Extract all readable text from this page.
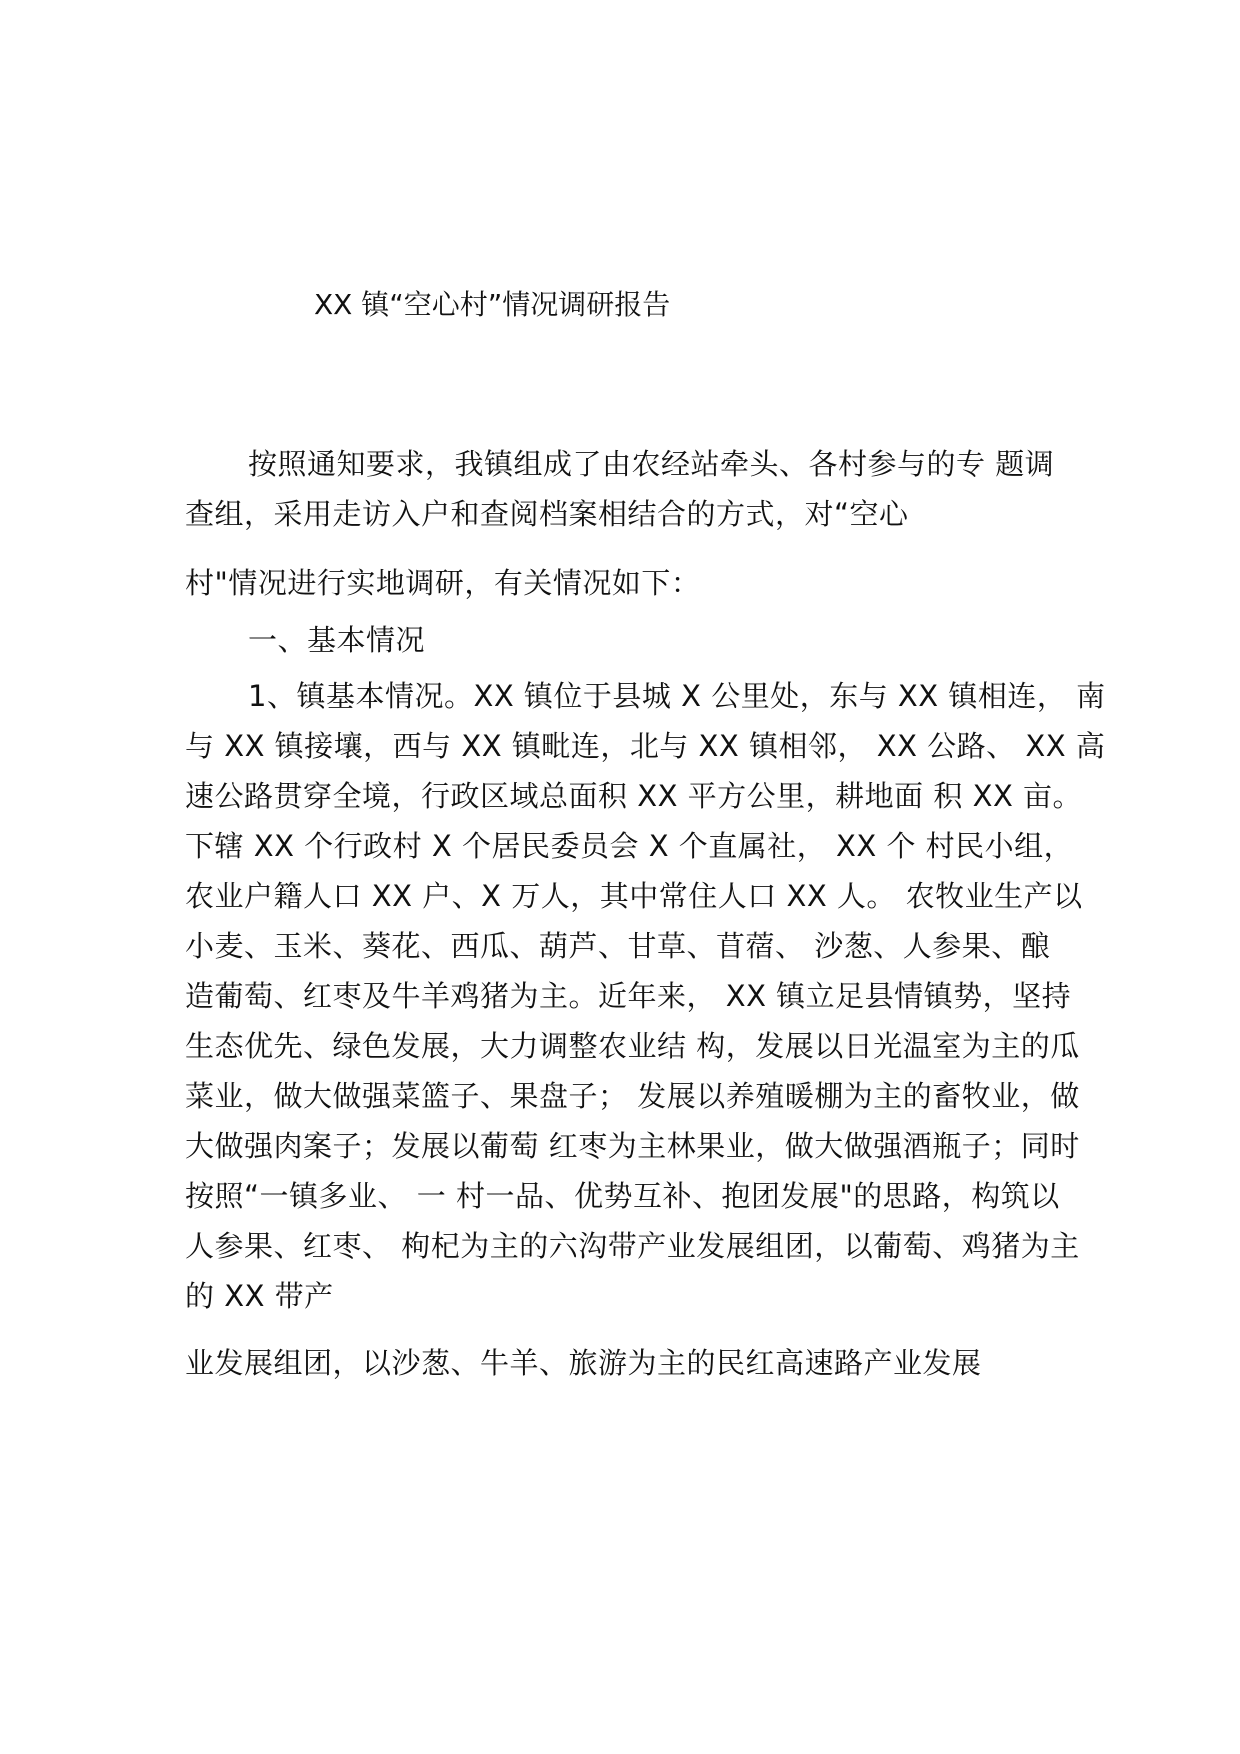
XX 镇“空心村”情况调研报告
按照通知要求，我镇组成了由农经站牵头、各村参与的专 题调
查组，采用走访入户和查阅档案相结合的方式，对“空心
村"情况进行实地调研，有关情况如下：
一、基本情况
1、镇基本情况。XX 镇位于县城 X 公里处，东与 XX 镇相连， 南
与 XX 镇接壤，西与 XX 镇毗连，北与 XX 镇相邻， XX 公路、 XX 高
速公路贯穿全境，行政区域总面积 XX 平方公里，耕地面 积 XX 亩。
下辖 XX 个行政村 X 个居民委员会 X 个直属社， XX 个 村民小组，
农业户籍人口 XX 户、X 万人，其中常住人口 XX 人。 农牧业生产以
小麦、玉米、葵花、西瓜、葫芦、甘草、苜蓿、 沙葱、人参果、酿
造葡萄、红枣及牛羊鸡猪为主。近年来， XX 镇立足县情镇势，坚持
生态优先、绿色发展，大力调整农业结 构，发展以日光温室为主的瓜
菜业，做大做强菜篮子、果盘子； 发展以养殖暖棚为主的畜牧业，做
大做强肉案子；发展以葡萄 红枣为主林果业，做大做强酒瓶子；同时
按照“一镇多业、 一 村一品、优势互补、抱团发展"的思路，构筑以
人参果、红枣、 枸杞为主的六沟带产业发展组团，以葡萄、鸡猪为主
的 XX 带产
业发展组团，以沙葱、牛羊、旅游为主的民红高速路产业发展
